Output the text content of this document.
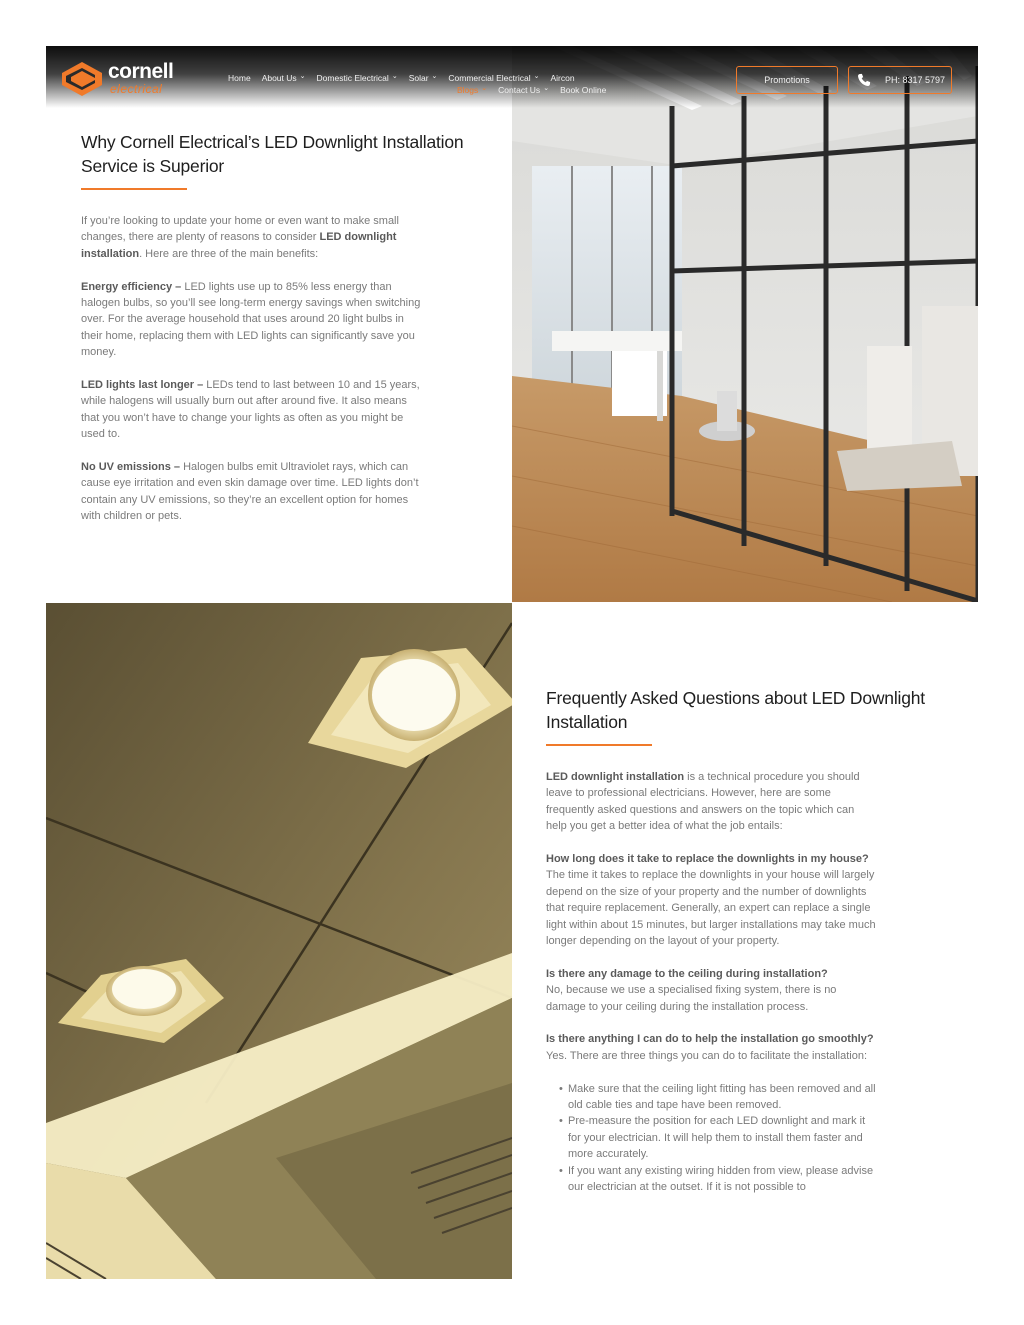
cornell
electrical
Home About Us ⌄ Domestic Electrical ⌄ Solar ⌄ Commercial Electrical ⌄ Aircon
Blogs ⌄ Contact Us ⌄ Book Online
Promotions	PH: 8317 5797
Why Cornell Electrical’s LED Downlight Installation Service is Superior

If you’re looking to update your home or even want to make small changes, there are plenty of reasons to consider LED downlight installation. Here are three of the main benefits:

Energy efficiency – LED lights use up to 85% less energy than halogen bulbs, so you’ll see long-term energy savings when switching over. For the average household that uses around 20 light bulbs in their home, replacing them with LED lights can significantly save you money.

LED lights last longer – LEDs tend to last between 10 and 15 years, while halogens will usually burn out after around five. It also means that you won’t have to change your lights as often as you might be used to.

No UV emissions – Halogen bulbs emit Ultraviolet rays, which can cause eye irritation and even skin damage over time. LED lights don’t contain any UV emissions, so they’re an excellent option for homes with children or pets.

Frequently Asked Questions about LED Downlight Installation

LED downlight installation is a technical procedure you should leave to professional electricians. However, here are some frequently asked questions and answers on the topic which can help you get a better idea of what the job entails:

How long does it take to replace the downlights in my house?
The time it takes to replace the downlights in your house will largely depend on the size of your property and the number of downlights that require replacement. Generally, an expert can replace a single light within about 15 minutes, but larger installations may take much longer depending on the layout of your property.

Is there any damage to the ceiling during installation?
No, because we use a specialised fixing system, there is no damage to your ceiling during the installation process.

Is there anything I can do to help the installation go smoothly?
Yes. There are three things you can do to facilitate the installation:

• Make sure that the ceiling light fitting has been removed and all old cable ties and tape have been removed.
• Pre-measure the position for each LED downlight and mark it for your electrician. It will help them to install them faster and more accurately.
• If you want any existing wiring hidden from view, please advise our electrician at the outset. If it is not possible to
